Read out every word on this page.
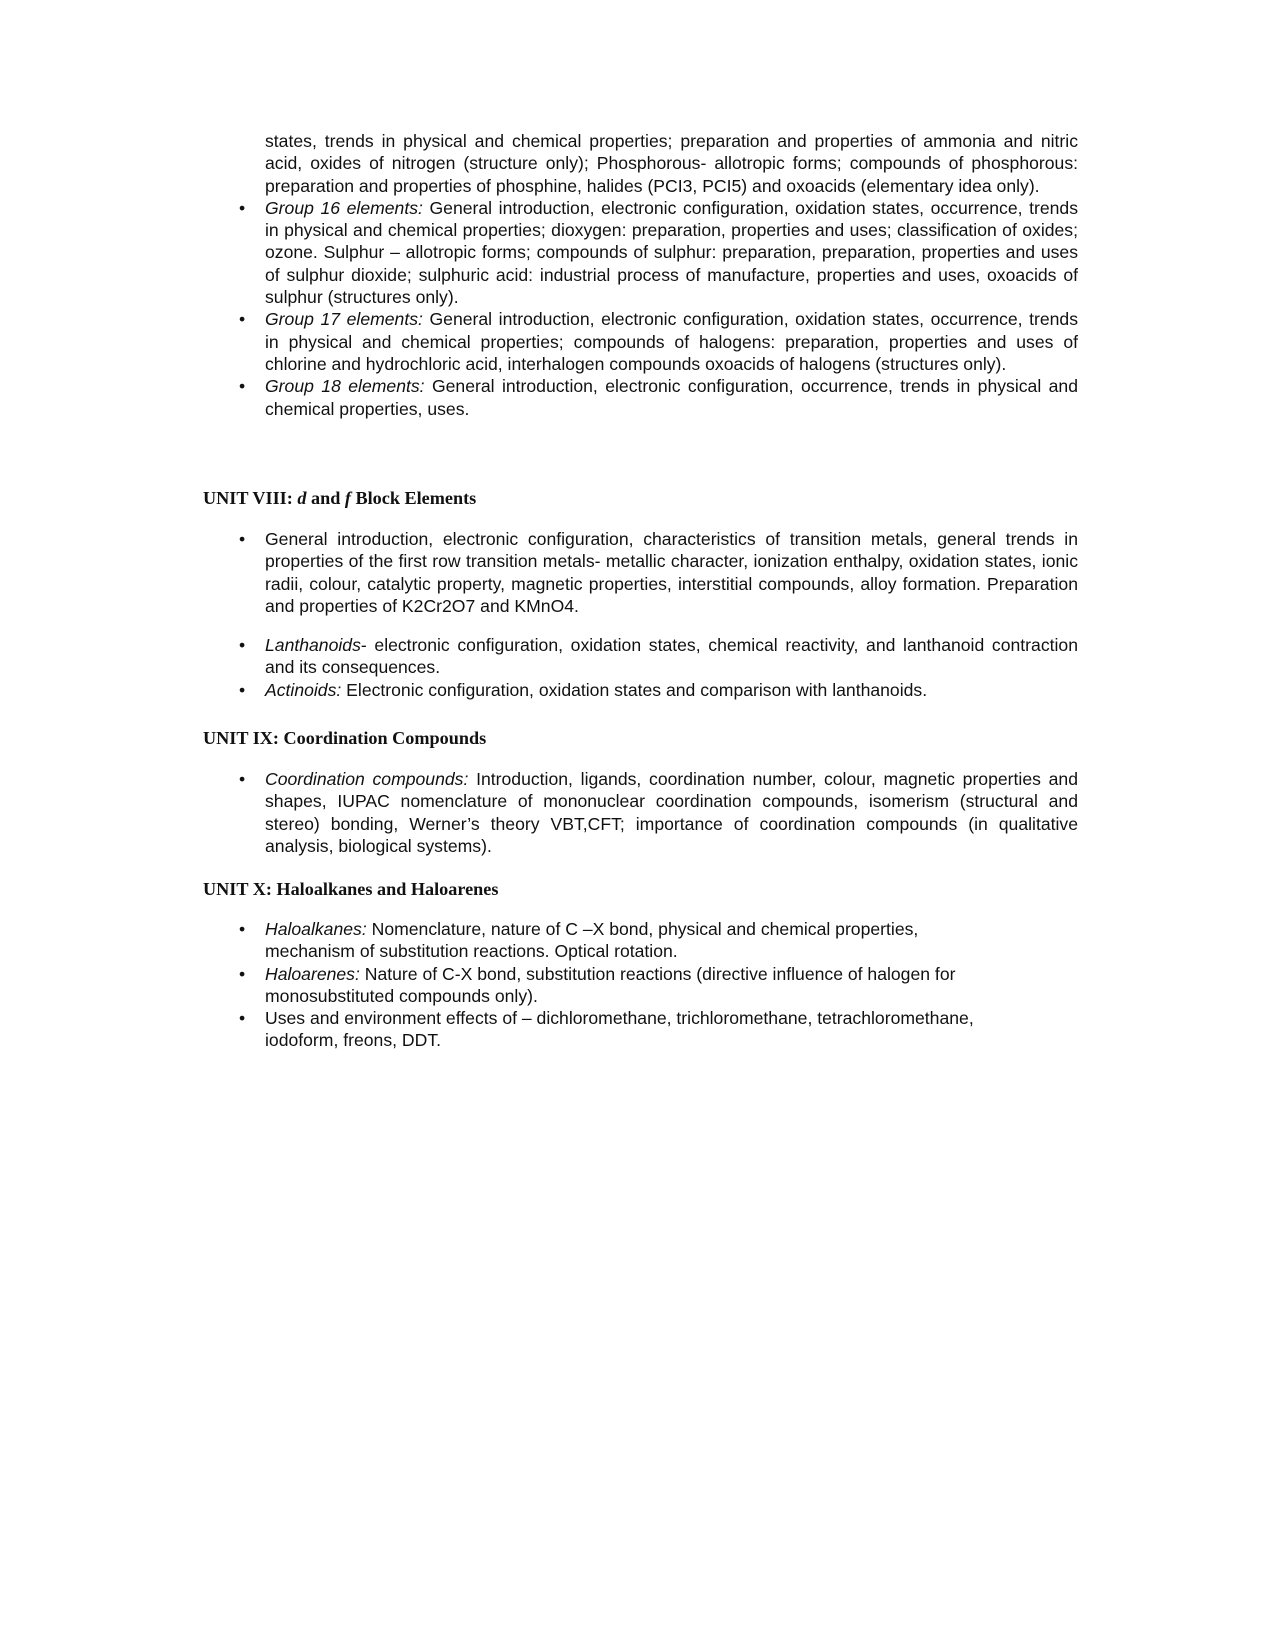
states, trends in physical and chemical properties; preparation and properties of ammonia and nitric acid, oxides of nitrogen (structure only); Phosphorous- allotropic forms; compounds of phosphorous: preparation and properties of phosphine, halides (PCI3, PCI5) and oxoacids (elementary idea only).
• Group 16 elements: General introduction, electronic configuration, oxidation states, occurrence, trends in physical and chemical properties; dioxygen: preparation, properties and uses; classification of oxides; ozone. Sulphur – allotropic forms; compounds of sulphur: preparation, preparation, properties and uses of sulphur dioxide; sulphuric acid: industrial process of manufacture, properties and uses, oxoacids of sulphur (structures only).
• Group 17 elements: General introduction, electronic configuration, oxidation states, occurrence, trends in physical and chemical properties; compounds of halogens: preparation, properties and uses of chlorine and hydrochloric acid, interhalogen compounds oxoacids of halogens (structures only).
• Group 18 elements: General introduction, electronic configuration, occurrence, trends in physical and chemical properties, uses.
UNIT VIII: d and f Block Elements
• General introduction, electronic configuration, characteristics of transition metals, general trends in properties of the first row transition metals- metallic character, ionization enthalpy, oxidation states, ionic radii, colour, catalytic property, magnetic properties, interstitial compounds, alloy formation. Preparation and properties of K2Cr2O7 and KMnO4.
• Lanthanoids- electronic configuration, oxidation states, chemical reactivity, and lanthanoid contraction and its consequences.
• Actinoids: Electronic configuration, oxidation states and comparison with lanthanoids.
UNIT IX: Coordination Compounds
• Coordination compounds: Introduction, ligands, coordination number, colour, magnetic properties and shapes, IUPAC nomenclature of mononuclear coordination compounds, isomerism (structural and stereo) bonding, Werner’s theory VBT,CFT; importance of coordination compounds (in qualitative analysis, biological systems).
UNIT X: Haloalkanes and Haloarenes
• Haloalkanes: Nomenclature, nature of C –X bond, physical and chemical properties, mechanism of substitution reactions. Optical rotation.
• Haloarenes: Nature of C-X bond, substitution reactions (directive influence of halogen for monosubstituted compounds only).
• Uses and environment effects of – dichloromethane, trichloromethane, tetrachloromethane, iodoform, freons, DDT.
